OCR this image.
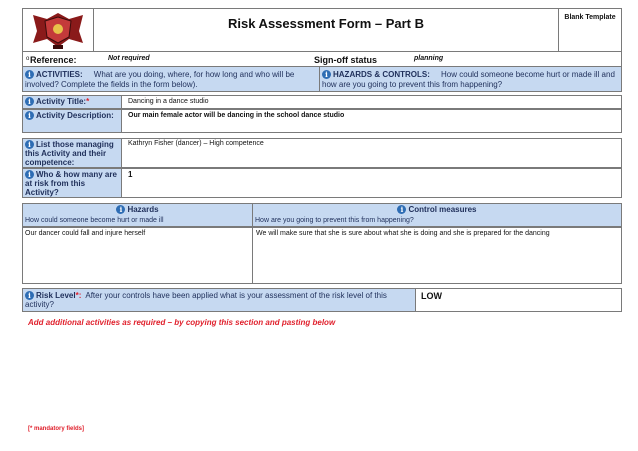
Risk Assessment Form – Part B	Blank Template
o Reference:	Not required	Sign-off status	planning
i ACTIVITIES: What are you doing, where, for how long and who will be involved? Complete the fields in the form below).
i HAZARDS & CONTROLS: How could someone become hurt or made ill and how are you going to prevent this from happening?
i Activity Title:*	Dancing in a dance studio
i Activity Description: Our main female actor will be dancing in the school dance studio
i List those managing this Activity and their competence:
Kathryn Fisher (dancer) – High competence
i Who & how many are at risk from this Activity?
1
i Hazards
How could someone become hurt or made ill
i Control measures
How are you going to prevent this from happening?
Our dancer could fall and injure herself	We will make sure that she is sure about what she is doing and she is prepared for the dancing
i Risk Level*: After your controls have been applied what is your assessment of the risk level of this activity?
LOW
Add additional activities as required – by copying this section and pasting below
[* mandatory fields]
